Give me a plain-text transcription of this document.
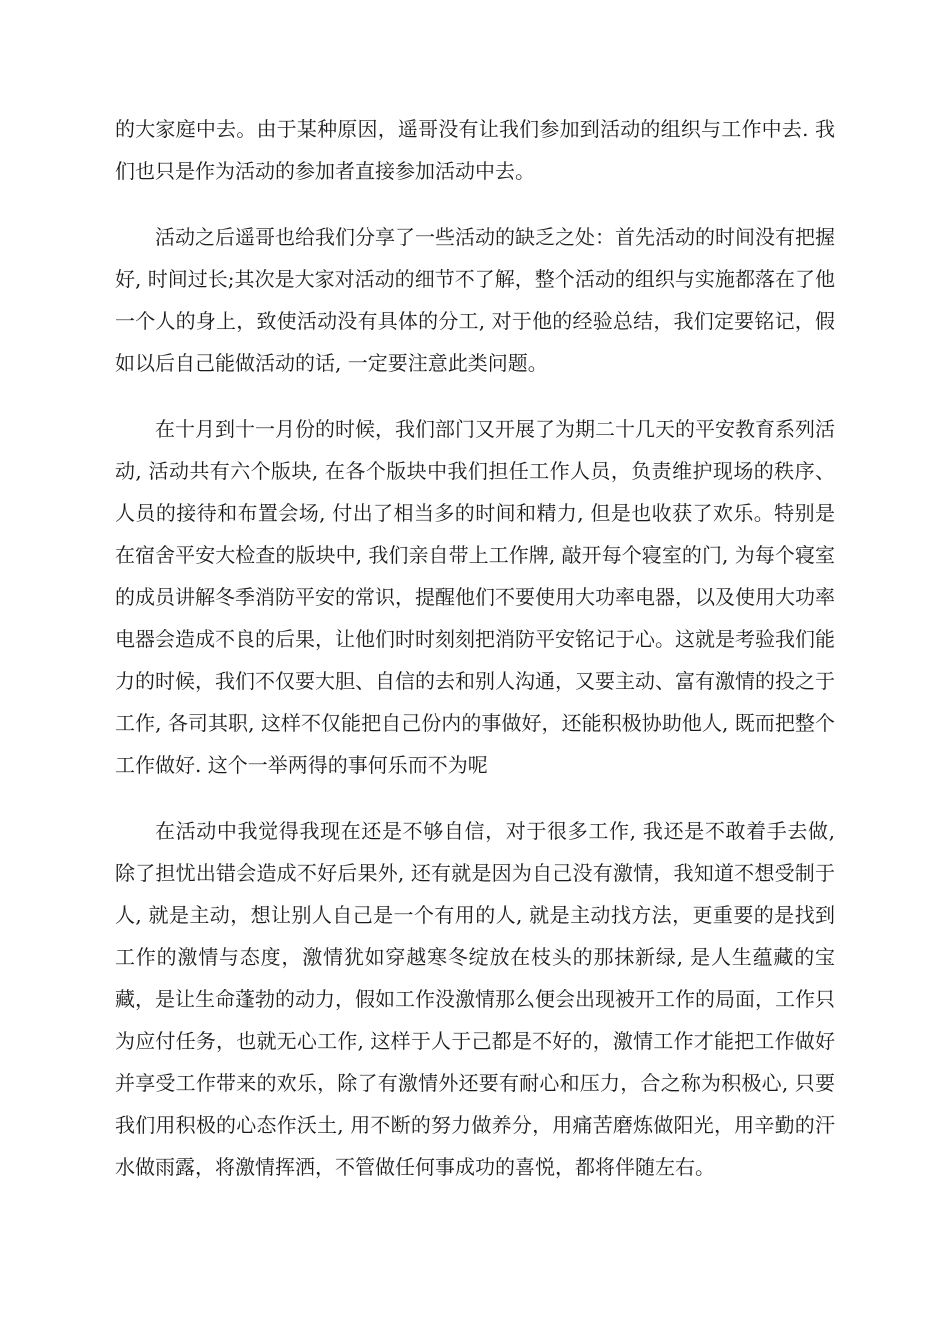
的大家庭中去。由于某种原因，遥哥没有让我们参加到活动的组织与工作中去. 我们也只是作为活动的参加者直接参加活动中去。

活动之后遥哥也给我们分享了一些活动的缺乏之处：首先活动的时间没有把握好, 时间过长;其次是大家对活动的细节不了解，整个活动的组织与实施都落在了他一个人的身上，致使活动没有具体的分工, 对于他的经验总结，我们定要铭记，假如以后自己能做活动的话, 一定要注意此类问题。

在十月到十一月份的时候，我们部门又开展了为期二十几天的平安教育系列活动, 活动共有六个版块, 在各个版块中我们担任工作人员，负责维护现场的秩序、人员的接待和布置会场, 付出了相当多的时间和精力, 但是也收获了欢乐。特别是在宿舍平安大检查的版块中, 我们亲自带上工作牌, 敲开每个寝室的门, 为每个寝室的成员讲解冬季消防平安的常识，提醒他们不要使用大功率电器，以及使用大功率电器会造成不良的后果，让他们时时刻刻把消防平安铭记于心。这就是考验我们能力的时候，我们不仅要大胆、自信的去和别人沟通，又要主动、富有激情的投之于工作, 各司其职, 这样不仅能把自己份内的事做好，还能积极协助他人, 既而把整个工作做好. 这个一举两得的事何乐而不为呢

在活动中我觉得我现在还是不够自信，对于很多工作, 我还是不敢着手去做, 除了担忧出错会造成不好后果外, 还有就是因为自己没有激情，我知道不想受制于人, 就是主动，想让别人自己是一个有用的人, 就是主动找方法，更重要的是找到工作的激情与态度，激情犹如穿越寒冬绽放在枝头的那抹新绿, 是人生蕴藏的宝藏，是让生命蓬勃的动力，假如工作没激情那么便会出现被开工作的局面，工作只为应付任务，也就无心工作, 这样于人于己都是不好的，激情工作才能把工作做好并享受工作带来的欢乐，除了有激情外还要有耐心和压力，合之称为积极心, 只要我们用积极的心态作沃土, 用不断的努力做养分，用痛苦磨炼做阳光，用辛勤的汗水做雨露，将激情挥洒，不管做任何事成功的喜悦，都将伴随左右。
